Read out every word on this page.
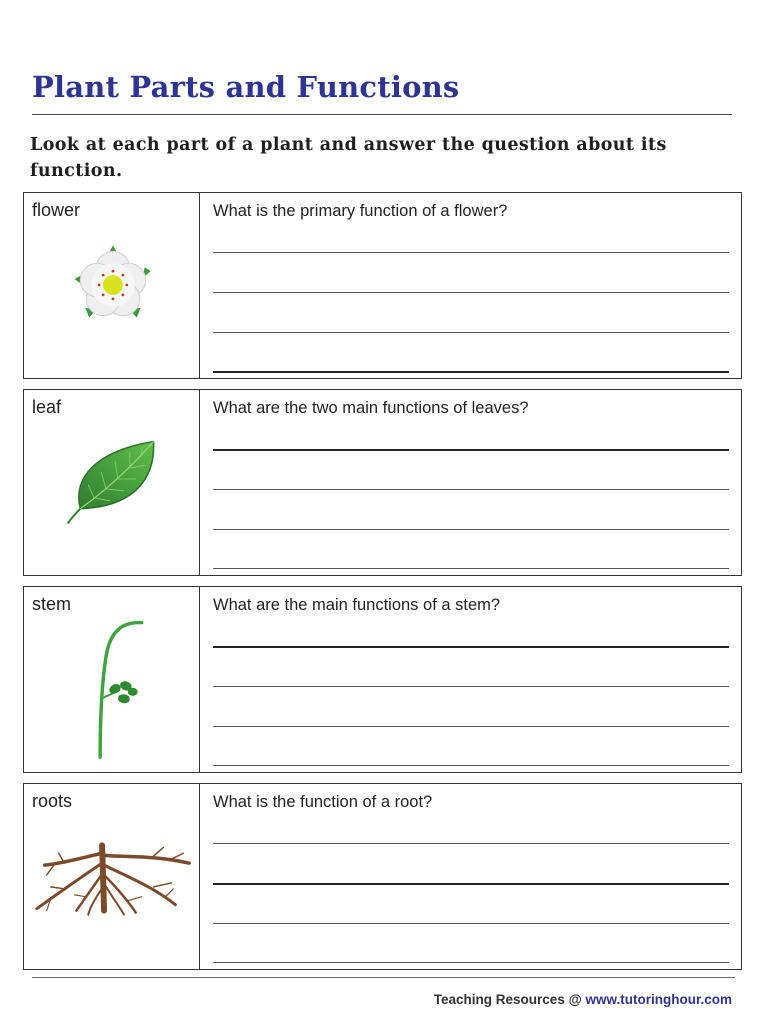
Plant Parts and Functions

Look at each part of a plant and answer the question about its function.

flower	What is the primary function of a flower?
leaf	What are the two main functions of leaves?
stem	What are the main functions of a stem?
roots	What is the function of a root?
Teaching Resources @ www.tutoringhour.com
